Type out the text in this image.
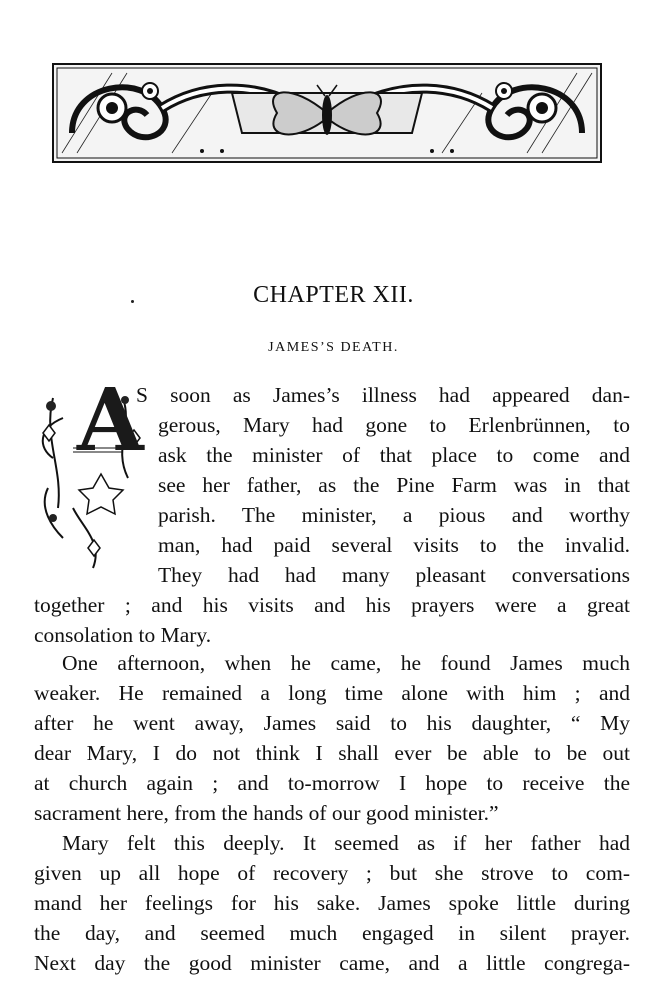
CHAPTER XII.
JAMES’S DEATH.
A
S soon as James’s illness had appeared dan-
gerous, Mary had gone to Erlenbrünnen, to
ask the minister of that place to come and
see her father, as the Pine Farm was in that
parish. The minister, a pious and worthy
man, had paid several visits to the invalid.
They had had many pleasant conversations
together ; and his visits and his prayers were a great
consolation to Mary.
One afternoon, when he came, he found James much
weaker. He remained a long time alone with him ; and
after he went away, James said to his daughter, “ My
dear Mary, I do not think I shall ever be able to be out
at church again ; and to-morrow I hope to receive the
sacrament here, from the hands of our good minister.”
Mary felt this deeply. It seemed as if her father had
given up all hope of recovery ; but she strove to com-
mand her feelings for his sake. James spoke little during
the day, and seemed much engaged in silent prayer.
Next day the good minister came, and a little congrega-
